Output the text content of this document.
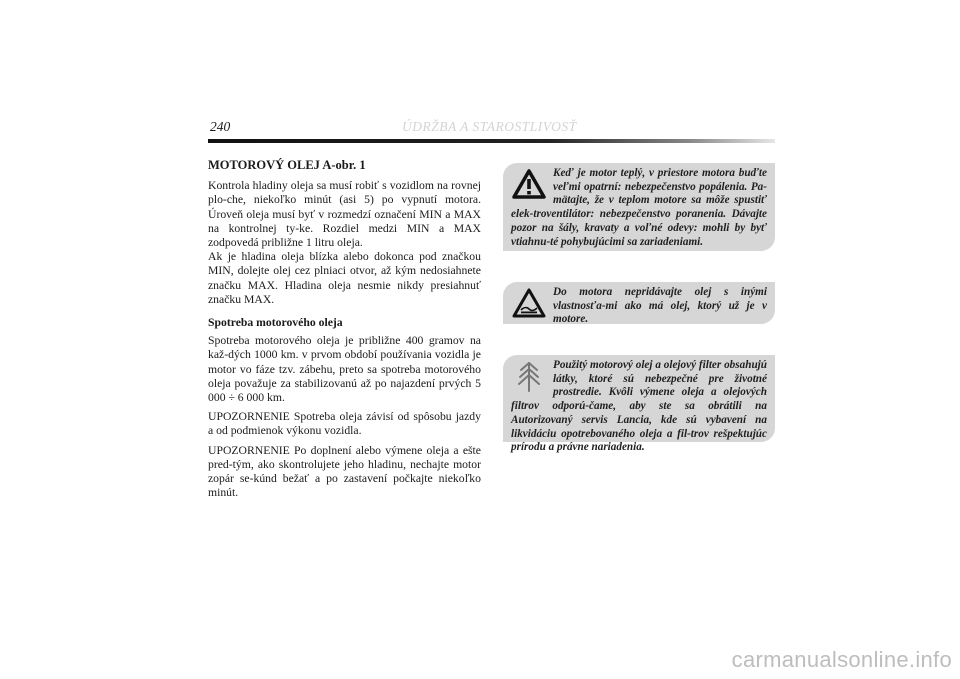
240	ÚDRŽBA A STAROSTLIVOSŤ

MOTOROVÝ OLEJ A-obr. 1

Kontrola hladiny oleja sa musí robiť s vozidlom na rovnej plo-che, niekoľko minút (asi 5) po vypnutí motora. Úroveň oleja musí byť v rozmedzí označení MIN a MAX na kontrolnej ty-ke. Rozdiel medzi MIN a MAX zodpovedá približne 1 litru oleja.

Ak je hladina oleja blízka alebo dokonca pod značkou MIN, dolejte olej cez plniaci otvor, až kým nedosiahnete značku MAX. Hladina oleja nesmie nikdy presiahnuť značku MAX.

Spotreba motorového oleja

Spotreba motorového oleja je približne 400 gramov na kaž-dých 1000 km. v prvom období používania vozidla je motor vo fáze tzv. zábehu, preto sa spotreba motorového oleja považuje za stabilizovanú až po najazdení prvých 5 000 ÷ 6 000 km.

UPOZORNENIE Spotreba oleja závisí od spôsobu jazdy a od podmienok výkonu vozidla.

UPOZORNENIE Po doplnení alebo výmene oleja a ešte pred-tým, ako skontrolujete jeho hladinu, nechajte motor zopár se-kúnd bežať a po zastavení počkajte niekoľko minút.

Keď je motor teplý, v priestore motora buďte veľmi opatrní: nebezpečenstvo popálenia. Pa-mätajte, že v teplom motore sa môže spustiť elek-troventilátor: nebezpečenstvo poranenia. Dávajte pozor na šály, kravaty a voľné odevy: mohli by byť vtiahnu-té pohybujúcimi sa zariadeniami.

Do motora nepridávajte olej s inými vlastnosťa-mi ako má olej, ktorý už je v motore.

Použitý motorový olej a olejový filter obsahujú látky, ktoré sú nebezpečné pre životné prostredie. Kvôli výmene oleja a olejových filtrov odporú-čame, aby ste sa obrátili na Autorizovaný servis Lancia, kde sú vybavení na likvidáciu opotrebovaného oleja a fil-trov rešpektujúc prírodu a právne nariadenia.

carmanualsonline.info
